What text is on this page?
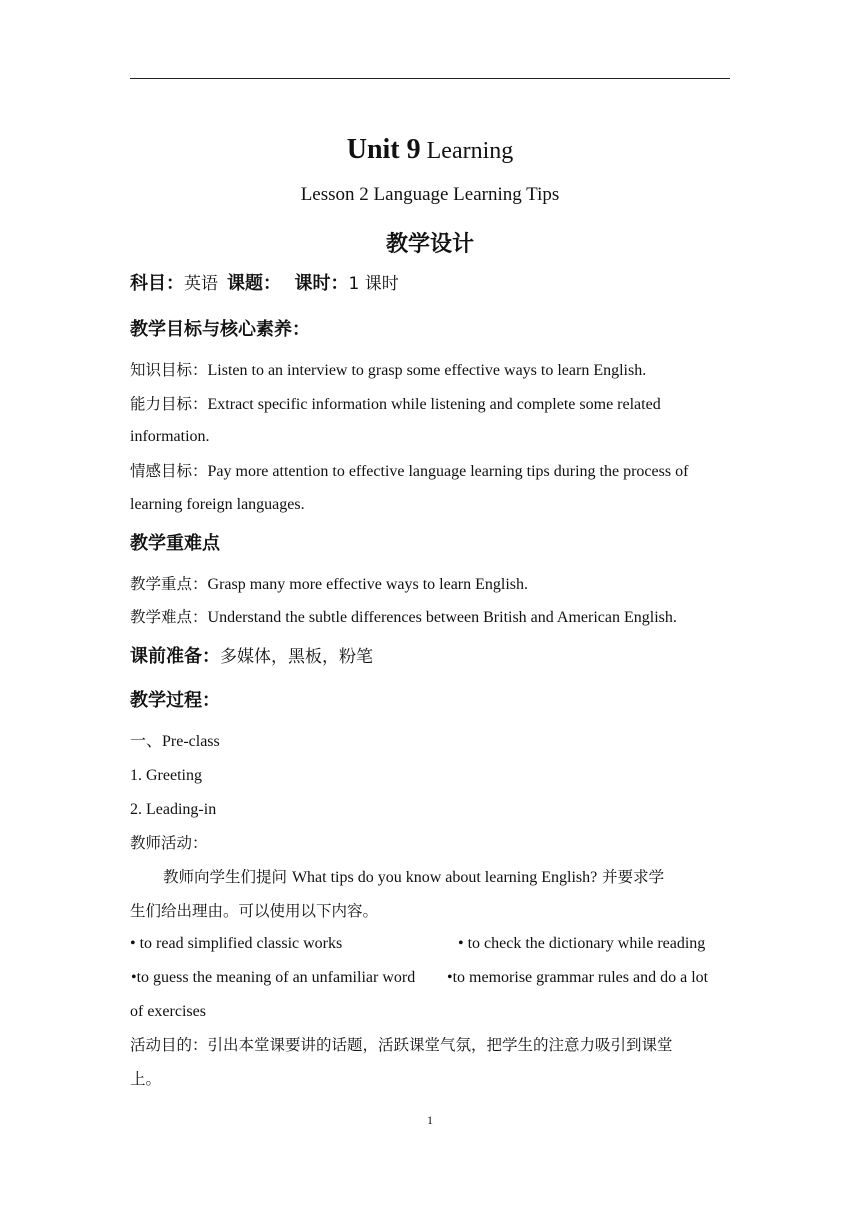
Unit 9 Learning
Lesson 2 Language Learning Tips
教学设计
科目：英语 课题： 课时：1 课时
教学目标与核心素养：
知识目标：Listen to an interview to grasp some effective ways to learn English.
能力目标：Extract specific information while listening and complete some related
information.
情感目标：Pay more attention to effective language learning tips during the process of
learning foreign languages.
教学重难点
教学重点：Grasp many more effective ways to learn English.
教学难点：Understand the subtle differences between British and American English.
课前准备：多媒体，黑板，粉笔
教学过程：
一、Pre-class
1. Greeting
2. Leading-in
教师活动：
教师向学生们提问 What tips do you know about learning English? 并要求学
生们给出理由。可以使用以下内容。
• to read simplified classic works	• to check the dictionary while reading
•to guess the meaning of an unfamiliar word •to memorise grammar rules and do a lot
of exercises
活动目的：引出本堂课要讲的话题，活跃课堂气氛，把学生的注意力吸引到课堂
上。
1
